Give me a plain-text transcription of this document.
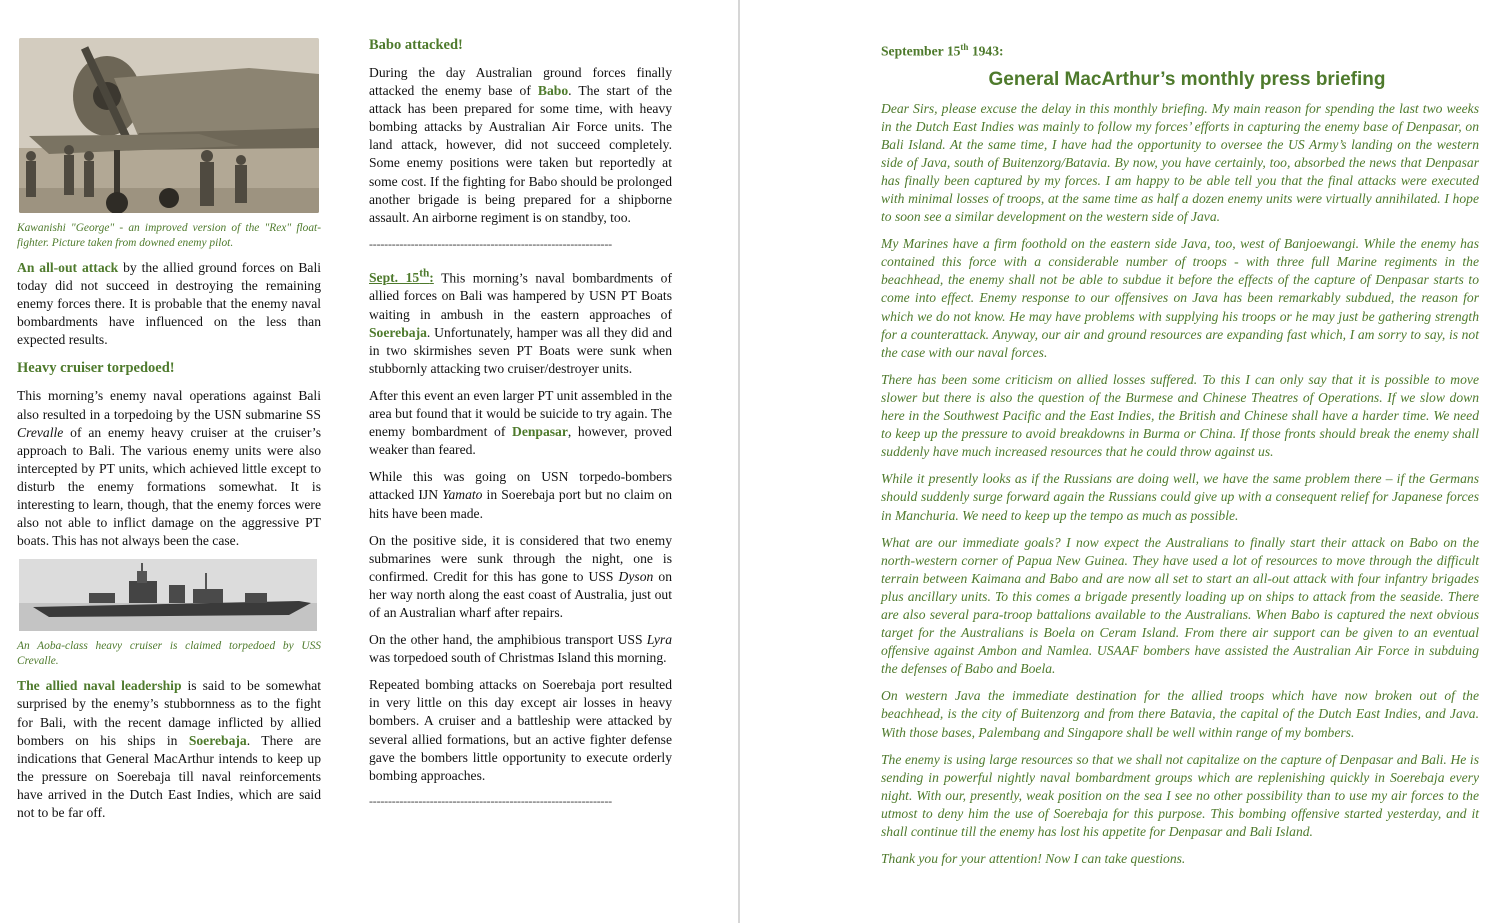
Kawanishi "George" - an improved version of the "Rex" float-fighter. Picture taken from downed enemy pilot.

An all-out attack by the allied ground forces on Bali today did not succeed in destroying the remaining enemy forces there. It is probable that the enemy naval bombardments have influenced on the less than expected results.

Heavy cruiser torpedoed!

This morning’s enemy naval operations against Bali also resulted in a torpedoing by the USN submarine SS Crevalle of an enemy heavy cruiser at the cruiser’s approach to Bali. The various enemy units were also intercepted by PT units, which achieved little except to disturb the enemy formations somewhat. It is interesting to learn, though, that the enemy forces were also not able to inflict damage on the aggressive PT boats. This has not always been the case.

An Aoba-class heavy cruiser is claimed torpedoed by USS Crevalle.

The allied naval leadership is said to be somewhat surprised by the enemy’s stubbornness as to the fight for Bali, with the recent damage inflicted by allied bombers on his ships in Soerebaja. There are indications that General MacArthur intends to keep up the pressure on Soerebaja till naval reinforcements have arrived in the Dutch East Indies, which are said not to be far off.

Babo attacked!

During the day Australian ground forces finally attacked the enemy base of Babo. The start of the attack has been prepared for some time, with heavy bombing attacks by Australian Air Force units. The land attack, however, did not succeed completely. Some enemy positions were taken but reportedly at some cost. If the fighting for Babo should be prolonged another brigade is being prepared for a shipborne assault. An airborne regiment is on standby, too.

----------------------------------------------------------------

Sept. 15th: This morning’s naval bombardments of allied forces on Bali was hampered by USN PT Boats waiting in ambush in the eastern approaches of Soerebaja. Unfortunately, hamper was all they did and in two skirmishes seven PT Boats were sunk when stubbornly attacking two cruiser/destroyer units.

After this event an even larger PT unit assembled in the area but found that it would be suicide to try again. The enemy bombardment of Denpasar, however, proved weaker than feared.

While this was going on USN torpedo-bombers attacked IJN Yamato in Soerebaja port but no claim on hits have been made.

On the positive side, it is considered that two enemy submarines were sunk through the night, one is confirmed. Credit for this has gone to USS Dyson on her way north along the east coast of Australia, just out of an Australian wharf after repairs.

On the other hand, the amphibious transport USS Lyra was torpedoed south of Christmas Island this morning.

Repeated bombing attacks on Soerebaja port resulted in very little on this day except air losses in heavy bombers. A cruiser and a battleship were attacked by several allied formations, but an active fighter defense gave the bombers little opportunity to execute orderly bombing approaches.

----------------------------------------------------------------
September 15th 1943:
General MacArthur’s monthly press briefing

Dear Sirs, please excuse the delay in this monthly briefing. My main reason for spending the last two weeks in the Dutch East Indies was mainly to follow my forces’ efforts in capturing the enemy base of Denpasar, on Bali Island. At the same time, I have had the opportunity to oversee the US Army’s landing on the western side of Java, south of Buitenzorg/Batavia. By now, you have certainly, too, absorbed the news that Denpasar has finally been captured by my forces. I am happy to be able tell you that the final attacks were executed with minimal losses of troops, at the same time as half a dozen enemy units were virtually annihilated. I hope to soon see a similar development on the western side of Java.

My Marines have a firm foothold on the eastern side Java, too, west of Banjoewangi. While the enemy has contained this force with a considerable number of troops - with three full Marine regiments in the beachhead, the enemy shall not be able to subdue it before the effects of the capture of Denpasar starts to come into effect. Enemy response to our offensives on Java has been remarkably subdued, the reason for which we do not know. He may have problems with supplying his troops or he may just be gathering strength for a counterattack. Anyway, our air and ground resources are expanding fast which, I am sorry to say, is not the case with our naval forces.

There has been some criticism on allied losses suffered. To this I can only say that it is possible to move slower but there is also the question of the Burmese and Chinese Theatres of Operations. If we slow down here in the Southwest Pacific and the East Indies, the British and Chinese shall have a harder time. We need to keep up the pressure to avoid breakdowns in Burma or China. If those fronts should break the enemy shall suddenly have much increased resources that he could throw against us.

While it presently looks as if the Russians are doing well, we have the same problem there – if the Germans should suddenly surge forward again the Russians could give up with a consequent relief for Japanese forces in Manchuria. We need to keep up the tempo as much as possible.

What are our immediate goals? I now expect the Australians to finally start their attack on Babo on the north-western corner of Papua New Guinea. They have used a lot of resources to move through the difficult terrain between Kaimana and Babo and are now all set to start an all-out attack with four infantry brigades plus ancillary units. To this comes a brigade presently loading up on ships to attack from the seaside. There are also several para-troop battalions available to the Australians. When Babo is captured the next obvious target for the Australians is Boela on Ceram Island. From there air support can be given to an eventual offensive against Ambon and Namlea. USAAF bombers have assisted the Australian Air Force in subduing the defenses of Babo and Boela.

On western Java the immediate destination for the allied troops which have now broken out of the beachhead, is the city of Buitenzorg and from there Batavia, the capital of the Dutch East Indies, and Java. With those bases, Palembang and Singapore shall be well within range of my bombers.

The enemy is using large resources so that we shall not capitalize on the capture of Denpasar and Bali. He is sending in powerful nightly naval bombardment groups which are replenishing quickly in Soerebaja every night. With our, presently, weak position on the sea I see no other possibility than to use my air forces to the utmost to deny him the use of Soerebaja for this purpose. This bombing offensive started yesterday, and it shall continue till the enemy has lost his appetite for Denpasar and Bali Island.

Thank you for your attention! Now I can take questions.
